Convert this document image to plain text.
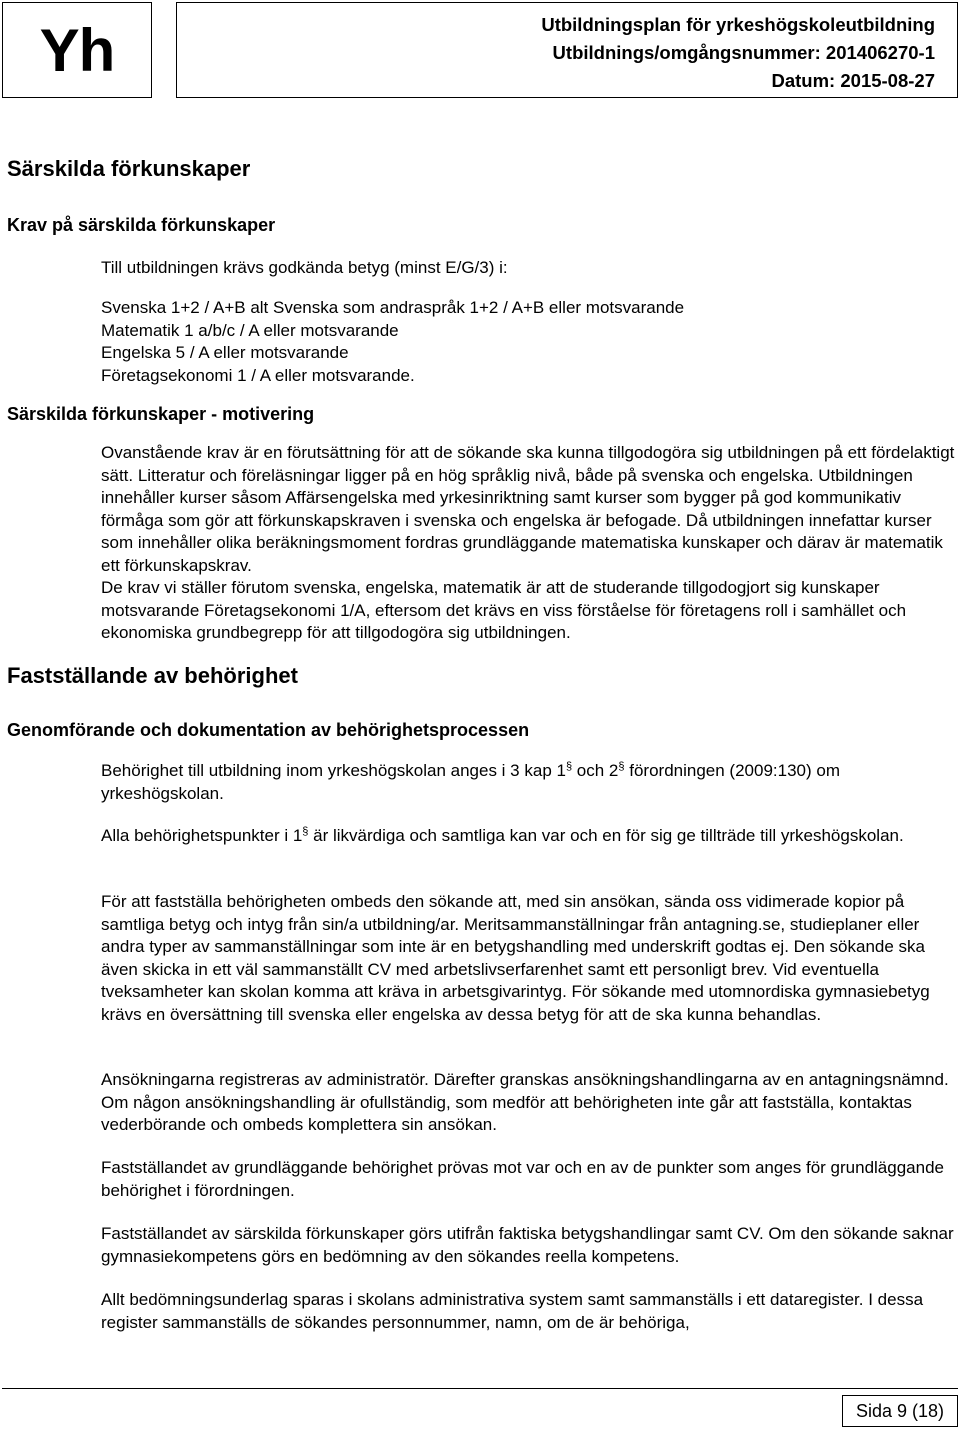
Yh	Utbildningsplan för yrkeshögskoleutbildning
Utbildnings/omgångsnummer: 201406270-1
Datum: 2015-08-27
Särskilda förkunskaper
Krav på särskilda förkunskaper
Till utbildningen krävs godkända betyg (minst E/G/3) i:

Svenska 1+2 / A+B alt Svenska som andraspråk 1+2 / A+B eller motsvarande

Matematik 1 a/b/c / A eller motsvarande

Engelska 5 / A eller motsvarande

Företagsekonomi 1 / A eller motsvarande.

Särskilda förkunskaper - motivering

Ovanstående krav är en förutsättning för att de sökande ska kunna tillgodogöra sig utbildningen på ett fördelaktigt sätt. Litteratur och föreläsningar ligger på en hög språklig nivå, både på svenska och engelska. Utbildningen innehåller kurser såsom Affärsengelska med yrkesinriktning samt kurser som bygger på god kommunikativ förmåga som gör att förkunskapskraven i svenska och engelska är befogade. Då utbildningen innefattar kurser som innehåller olika beräkningsmoment fordras grundläggande matematiska kunskaper och därav är matematik ett förkunskapskrav.

De krav vi ställer förutom svenska, engelska, matematik är att de studerande tillgodogjort sig kunskaper motsvarande Företagsekonomi 1/A, eftersom det krävs en viss förståelse för företagens roll i samhället och ekonomiska grundbegrepp för att tillgodogöra sig utbildningen.

Fastställande av behörighet
Genomförande och dokumentation av behörighetsprocessen

Behörighet till utbildning inom yrkeshögskolan anges i 3 kap 1§ och 2§ förordningen (2009:130) om yrkeshögskolan.

Alla behörighetspunkter i 1§ är likvärdiga och samtliga kan var och en för sig ge tillträde till yrkeshögskolan.

För att fastställa behörigheten ombeds den sökande att, med sin ansökan, sända oss vidimerade kopior på samtliga betyg och intyg från sin/a utbildning/ar. Meritsammanställningar från antagning.se, studieplaner eller andra typer av sammanställningar som inte är en betygshandling med underskrift godtas ej. Den sökande ska även skicka in ett väl sammanställt CV med arbetslivserfarenhet samt ett personligt brev. Vid eventuella tveksamheter kan skolan komma att kräva in arbetsgivarintyg. För sökande med utomnordiska gymnasiebetyg krävs en översättning till svenska eller engelska av dessa betyg för att de ska kunna behandlas.
Ansökningarna registreras av administratör. Därefter granskas ansökningshandlingarna av en antagningsnämnd. Om någon ansökningshandling är ofullständig, som medför att behörigheten inte går att fastställa, kontaktas vederbörande och ombeds komplettera sin ansökan.
Fastställandet av grundläggande behörighet prövas mot var och en av de punkter som anges för grundläggande behörighet i förordningen.
Fastställandet av särskilda förkunskaper görs utifrån faktiska betygshandlingar samt CV. Om den sökande saknar gymnasiekompetens görs en bedömning av den sökandes reella kompetens.
Allt bedömningsunderlag sparas i skolans administrativa system samt sammanställs i ett dataregister. I dessa register sammanställs de sökandes personnummer, namn, om de är behöriga,
Sida 9 (18)
